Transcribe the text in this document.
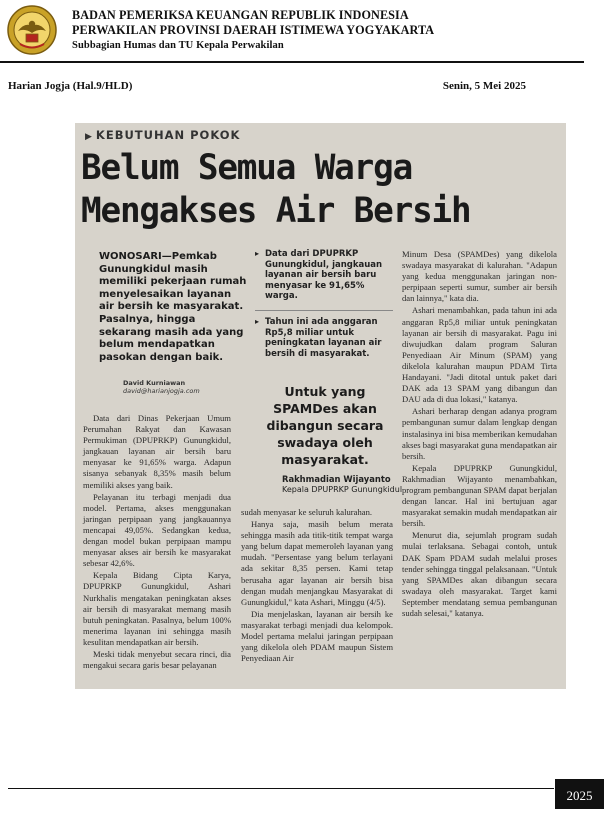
BADAN PEMERIKSA KEUANGAN REPUBLIK INDONESIA
PERWAKILAN PROVINSI DAERAH ISTIMEWA YOGYAKARTA
Subbagian Humas dan TU Kepala Perwakilan
Harian Jogja (Hal.9/HLD)	Senin, 5 Mei 2025
▶ KEBUTUHAN POKOK
Belum Semua Warga
Mengakses Air Bersih
WONOSARI—Pemkab Gunungkidul masih memiliki pekerjaan rumah menyelesaikan layanan air bersih ke masyarakat. Pasalnya, hingga sekarang masih ada yang belum mendapatkan pasokan dengan baik.
David Kurniawan
david@harianjogja.com
▸ Data dari DPUPRKP Gunungkidul, jangkauan layanan air bersih baru menyasar ke 91,65% warga.
▸ Tahun ini ada anggaran Rp5,8 miliar untuk peningkatan layanan air bersih di masyarakat.
Untuk yang SPAMDes akan dibangun secara swadaya oleh masyarakat.
Rakhmadian Wijayanto
Kepala DPUPRKP Gunungkidul

Data dari Dinas Pekerjaan Umum Perumahan Rakyat dan Kawasan Permukiman (DPUPRKP) Gunungkidul, jangkauan layanan air bersih baru menyasar ke 91,65% warga. Adapun sisanya sebanyak 8,35% masih belum memiliki akses yang baik.

Pelayanan itu terbagi menjadi dua model. Pertama, akses menggunakan jaringan perpipaan yang jangkauannya mencapai 49,05%. Sedangkan kedua, dengan model bukan perpipaan mampu menyasar akses air bersih ke masyarakat sebesar 42,6%.

Kepala Bidang Cipta Karya, DPUPRKP Gunungkidul, Ashari Nurkhalis mengatakan peningkatan akses air bersih di masyarakat memang masih butuh peningkatan. Pasalnya, belum 100% menerima layanan ini sehingga masih kesulitan mendapatkan air bersih.

Meski tidak menyebut secara rinci, dia mengakui secara garis besar pelayanan

sudah menyasar ke seluruh kalurahan.

Hanya saja, masih belum merata sehingga masih ada titik-titik tempat warga yang belum dapat memeroleh layanan yang mudah. "Persentase yang belum terlayani ada sekitar 8,35 persen. Kami tetap berusaha agar layanan air bersih bisa dengan mudah menjangkau Masyarakat di Gunungkidul," kata Ashari, Minggu (4/5).

Dia menjelaskan, layanan air bersih ke masyarakat terbagi menjadi dua kelompok. Model pertama melalui jaringan perpipaan yang dikelola oleh PDAM maupun Sistem Penyediaan Air

Minum Desa (SPAMDes) yang dikelola swadaya masyarakat di kalurahan. "Adapun yang kedua menggunakan jaringan non-perpipaan seperti sumur, sumber air bersih dan lainnya," kata dia.

Ashari menambahkan, pada tahun ini ada anggaran Rp5,8 miliar untuk peningkatan layanan air bersih di masyarakat. Pagu ini diwujudkan dalam program Saluran Penyediaan Air Minum (SPAM) yang dikelola kalurahan maupun PDAM Tirta Handayani. "Jadi ditotal untuk paket dari DAK ada 13 SPAM yang dibangun dan DAU ada di dua lokasi," katanya.

Ashari berharap dengan adanya program pembangunan sumur dalam lengkap dengan instalasinya ini bisa memberikan kemudahan akses bagi masyarakat guna mendapatkan air bersih.

Kepala DPUPRKP Gunungkidul, Rakhmadian Wijayanto menambahkan, program pembangunan SPAM dapat berjalan dengan lancar. Hal ini bertujuan agar masyarakat semakin mudah mendapatkan air bersih.

Menurut dia, sejumlah program sudah mulai terlaksana. Sebagai contoh, untuk DAK Spam PDAM sudah melalui proses tender sehingga tinggal pelaksanaan. "Untuk yang SPAMDes akan dibangun secara swadaya oleh masyarakat. Target kami September mendatang semua pembangunan sudah selesai," katanya.

2025
